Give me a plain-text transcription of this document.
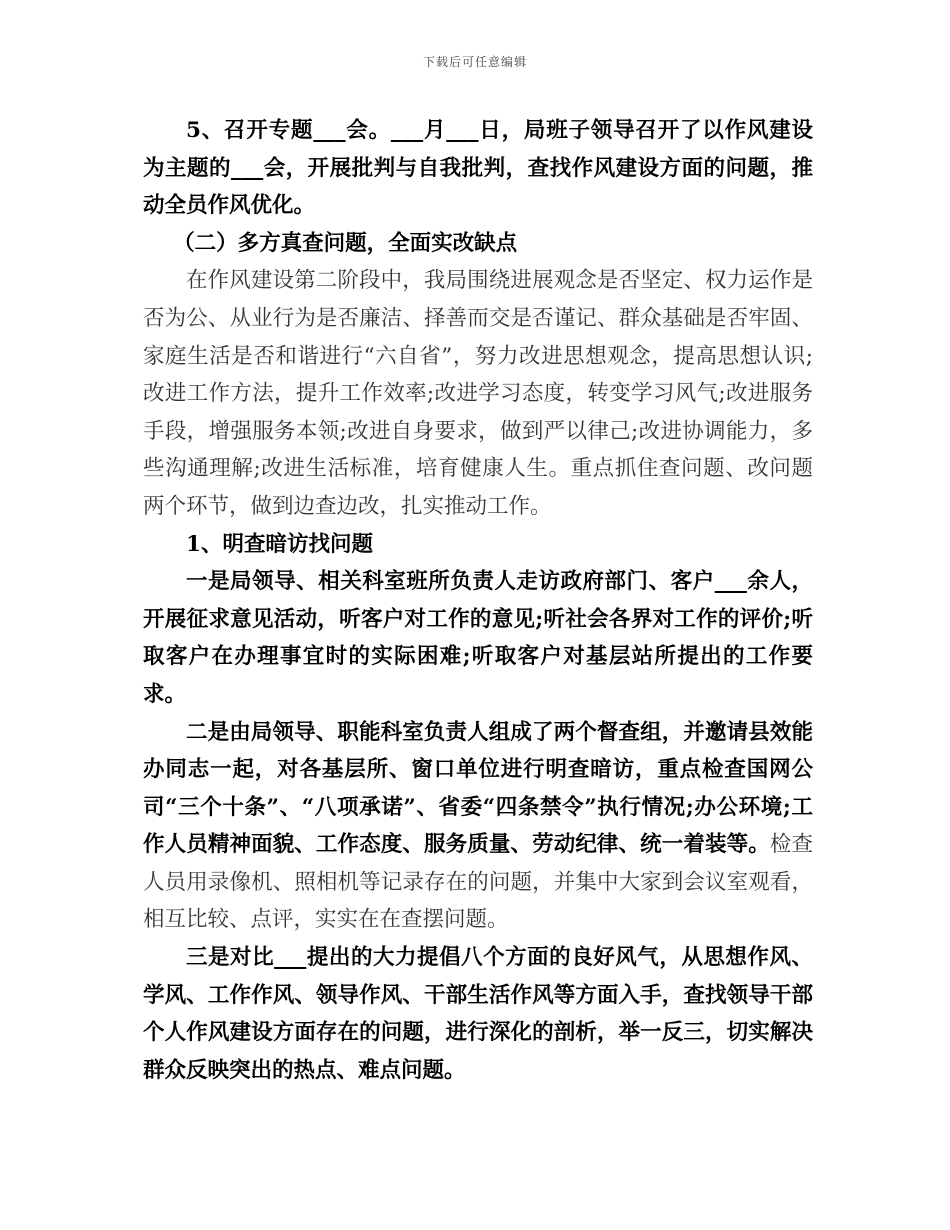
下载后可任意编辑

5、召开专题___会。___月___日，局班子领导召开了以作风建设为主题的___会，开展批判与自我批判，查找作风建设方面的问题，推动全员作风优化。

（二）多方真查问题，全面实改缺点

在作风建设第二阶段中，我局围绕进展观念是否坚定、权力运作是否为公、从业行为是否廉洁、择善而交是否谨记、群众基础是否牢固、家庭生活是否和谐进行“六自省”，努力改进思想观念，提高思想认识;改进工作方法，提升工作效率;改进学习态度，转变学习风气;改进服务手段，增强服务本领;改进自身要求，做到严以律己;改进协调能力，多些沟通理解;改进生活标准，培育健康人生。重点抓住查问题、改问题两个环节，做到边查边改，扎实推动工作。

1、明查暗访找问题

一是局领导、相关科室班所负责人走访政府部门、客户___余人，开展征求意见活动，听客户对工作的意见;听社会各界对工作的评价;听取客户在办理事宜时的实际困难;听取客户对基层站所提出的工作要求。

二是由局领导、职能科室负责人组成了两个督查组，并邀请县效能办同志一起，对各基层所、窗口单位进行明查暗访，重点检查国网公司“三个十条”、“八项承诺”、省委“四条禁令”执行情况;办公环境;工作人员精神面貌、工作态度、服务质量、劳动纪律、统一着装等。检查人员用录像机、照相机等记录存在的问题，并集中大家到会议室观看，相互比较、点评，实实在在查摆问题。

三是对比___提出的大力提倡八个方面的良好风气，从思想作风、学风、工作作风、领导作风、干部生活作风等方面入手，查找领导干部个人作风建设方面存在的问题，进行深化的剖析，举一反三，切实解决群众反映突出的热点、难点问题。
